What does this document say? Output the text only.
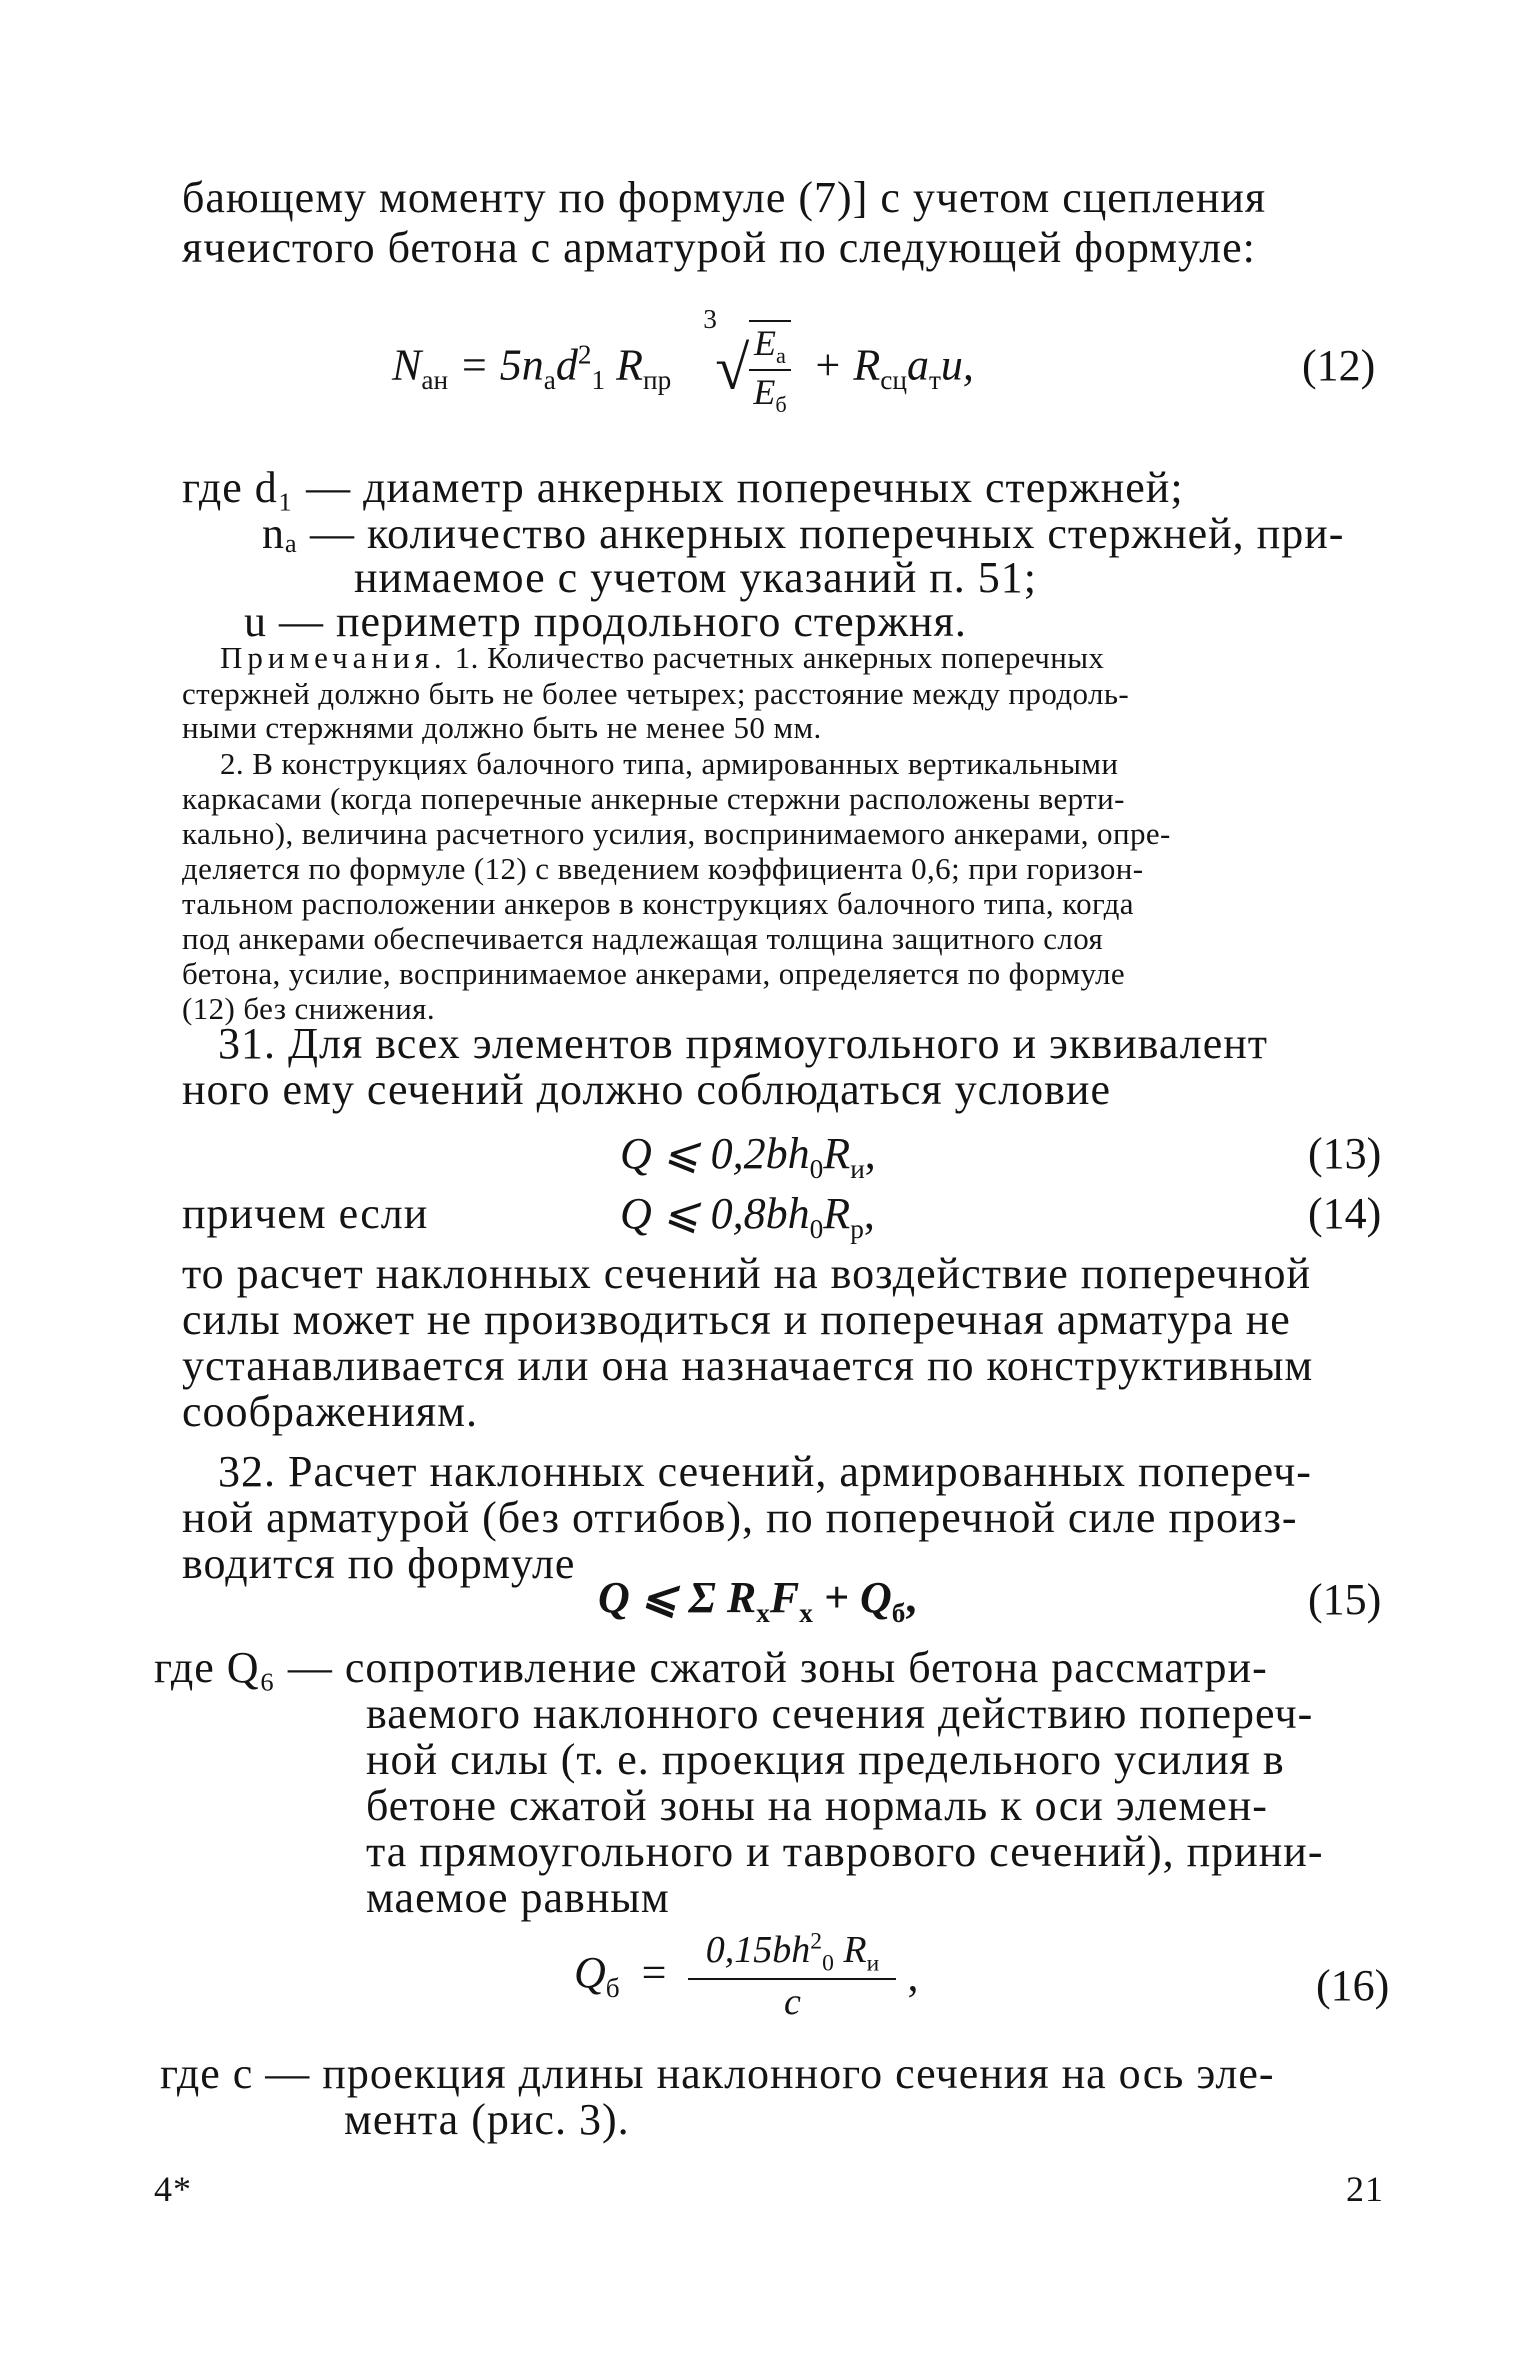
бающему моменту по формуле (7)] с учетом сцепления
ячеистого бетона с арматурой по следующей формуле:
$N_{ан} = 5n_аd^2_1$ $R_{пр}$
3
√ $\frac{E_а}{E_б} + R_{сц}a_тu$,	(12)
где d₁ — диаметр анкерных поперечных стержней;
nₐ — количество анкерных поперечных стержней, при-
нимаемое с учетом указаний п. 51;
u — периметр продольного стержня.
Примечания. 1. Количество расчетных анкерных поперечных
стержней должно быть не более четырех; расстояние между продоль-
ными стержнями должно быть не менее 50 мм.
2. В конструкциях балочного типа, армированных вертикальными
каркасами (когда поперечные анкерные стержни расположены верти-
кально), величина расчетного усилия, воспринимаемого анкерами, опре-
деляется по формуле (12) с введением коэффициента 0,6; при горизон-
тальном расположении анкеров в конструкциях балочного типа, когда
под анкерами обеспечивается надлежащая толщина защитного слоя
бетона, усилие, воспринимаемое анкерами, определяется по формуле
(12) без снижения.
31. Для всех элементов прямоугольного и эквивалент
ного ему сечений должно соблюдаться условие
Q ⩽ $0,2bh_0R_и$,	(13)
причем если	Q ⩽ $0,8bh_0R_р$,	(14)
то расчет наклонных сечений на воздействие поперечной
силы может не производиться и поперечная арматура не
устанавливается или она назначается по конструктивным
соображениям.
32. Расчет наклонных сечений, армированных попереч-
ной арматурой (без отгибов), по поперечной силе произ-
водится по формуле
Q ⩽ Σ $R_xF_x + Q_б$,	(15)
где Q₆ — сопротивление сжатой зоны бетона рассматри-
ваемого наклонного сечения действию попереч-
ной силы (т. е. проекция предельного усилия в
бетоне сжатой зоны на нормаль к оси элемен-
та прямоугольного и таврового сечений), прини-
маемое равным
$Q_б = \frac{0,15bh^2_0 R_и}{c}$ ,	(16)
где c — проекция длины наклонного сечения на ось эле-
мента (рис. 3).
4*	21
